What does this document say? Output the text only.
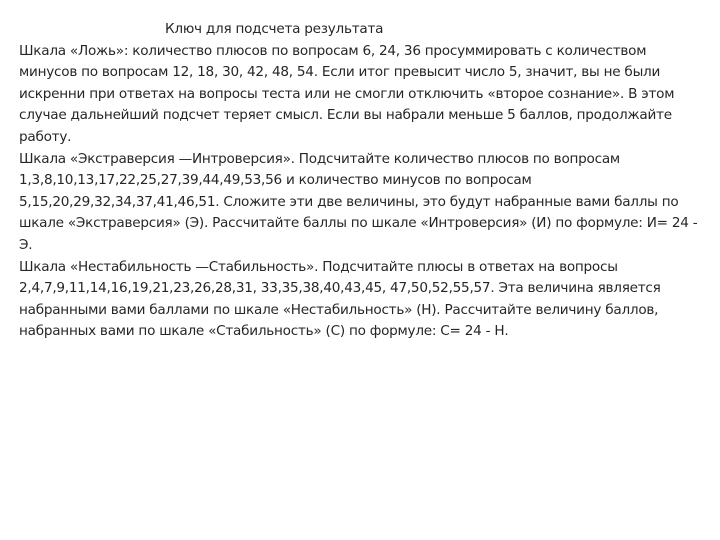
Ключ для подсчета результата

Шкала «Ложь»: количество плюсов по вопросам 6, 24, 36 просуммировать с количеством минусов по вопросам 12, 18, 30, 42, 48, 54. Если итог превысит число 5, значит, вы не были искренни при ответах на вопросы теста или не смогли отключить «второе сознание». В этом случае дальнейший подсчет теряет смысл. Если вы набрали меньше 5 баллов, продолжайте работу.

Шкала «Экстраверсия —Интроверсия». Подсчитайте количество плюсов по вопросам 1,3,8,10,13,17,22,25,27,39,44,49,53,56 и количество минусов по вопросам 5,15,20,29,32,34,37,41,46,51. Сложите эти две величины, это будут набранные вами баллы по шкале «Экстраверсия» (Э). Рассчитайте баллы по шкале «Интроверсия» (И) по формуле: И= 24 - Э.

Шкала «Нестабильность —Стабильность». Подсчитайте плюсы в ответах на вопросы 2,4,7,9,11,14,16,19,21,23,26,28,31, 33,35,38,40,43,45, 47,50,52,55,57. Эта величина является набранными вами баллами по шкале «Нестабильность» (Н). Рассчитайте величину баллов, набранных вами по шкале «Стабильность» (С) по формуле: С= 24 - Н.
